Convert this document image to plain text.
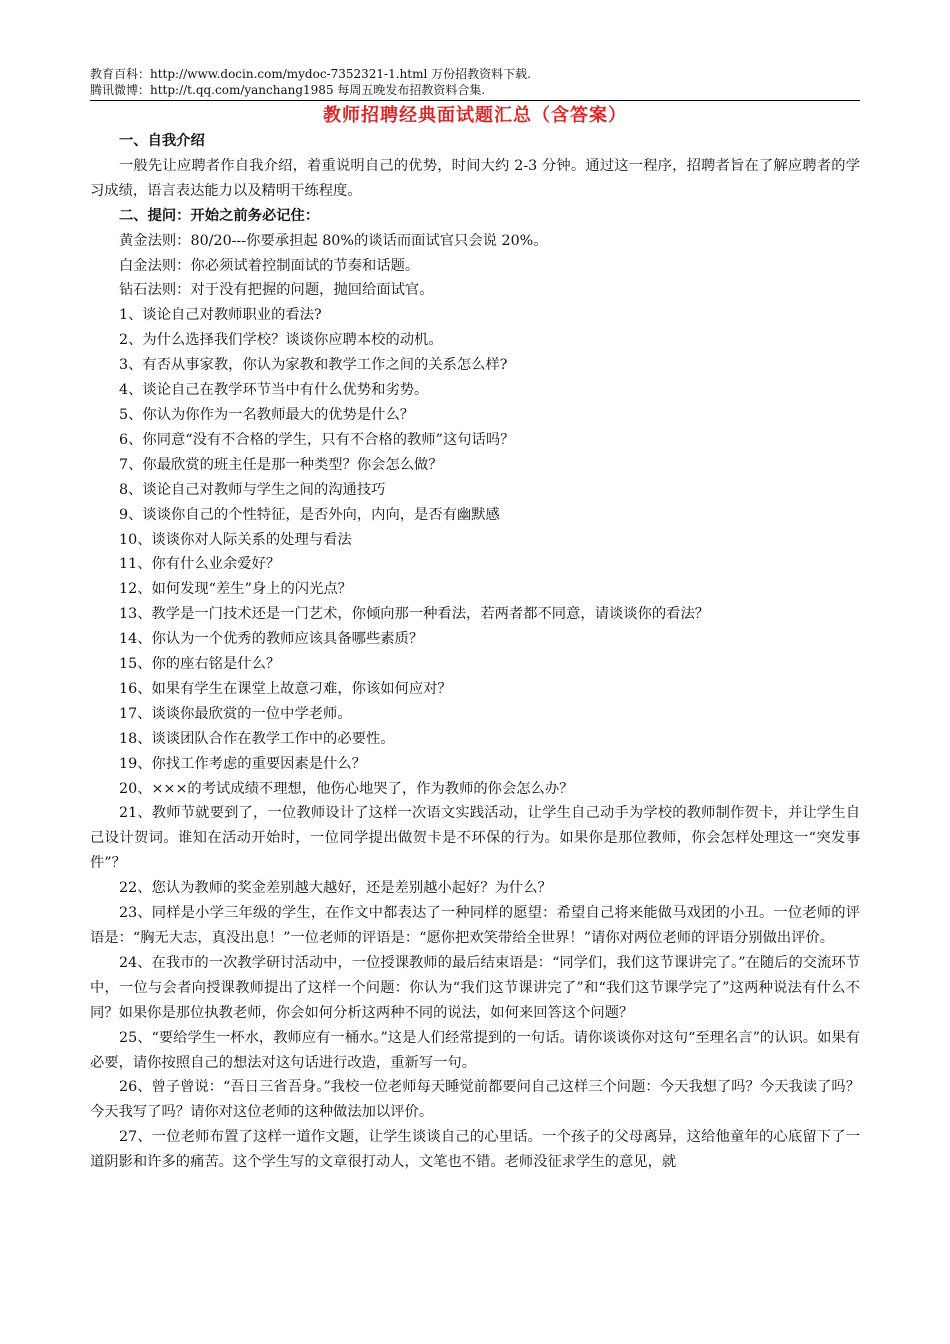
教育百科：http://www.docin.com/mydoc-7352321-1.html 万份招教资料下载.
腾讯微博：http://t.qq.com/yanchang1985 每周五晚发布招教资料合集.
教师招聘经典面试题汇总（含答案）
一、自我介绍
一般先让应聘者作自我介绍，着重说明自己的优势，时间大约 2-3 分钟。通过这一程序，招聘者旨在了解应聘者的学习成绩，语言表达能力以及精明干练程度。
二、提问：开始之前务必记住：
黄金法则：80/20---你要承担起 80%的谈话而面试官只会说 20%。
白金法则：你必须试着控制面试的节奏和话题。
钻石法则：对于没有把握的问题，抛回给面试官。
1、谈论自己对教师职业的看法?
2、为什么选择我们学校？谈谈你应聘本校的动机。
3、有否从事家教，你认为家教和教学工作之间的关系怎么样?
4、谈论自己在教学环节当中有什么优势和劣势。
5、你认为你作为一名教师最大的优势是什么？
6、你同意“没有不合格的学生，只有不合格的教师”这句话吗？
7、你最欣赏的班主任是那一种类型？你会怎么做？
8、谈论自己对教师与学生之间的沟通技巧
9、谈谈你自己的个性特征，是否外向，内向，是否有幽默感
10、谈谈你对人际关系的处理与看法
11、你有什么业余爱好？
12、如何发现“差生”身上的闪光点？
13、教学是一门技术还是一门艺术，你倾向那一种看法，若两者都不同意，请谈谈你的看法？
14、你认为一个优秀的教师应该具备哪些素质？
15、你的座右铭是什么？
16、如果有学生在课堂上故意刁难，你该如何应对？
17、谈谈你最欣赏的一位中学老师。
18、谈谈团队合作在教学工作中的必要性。
19、你找工作考虑的重要因素是什么？
20、×××的考试成绩不理想，他伤心地哭了，作为教师的你会怎么办？
21、教师节就要到了，一位教师设计了这样一次语文实践活动，让学生自己动手为学校的教师制作贺卡，并让学生自己设计贺词。谁知在活动开始时，一位同学提出做贺卡是不环保的行为。如果你是那位教师，你会怎样处理这一“突发事件”？
22、您认为教师的奖金差别越大越好，还是差别越小起好？为什么？
23、同样是小学三年级的学生，在作文中都表达了一种同样的愿望：希望自己将来能做马戏团的小丑。一位老师的评语是：“胸无大志，真没出息！”一位老师的评语是：“愿你把欢笑带给全世界！”请你对两位老师的评语分别做出评价。
24、在我市的一次教学研讨活动中，一位授课教师的最后结束语是：“同学们，我们这节课讲完了。”在随后的交流环节中，一位与会者向授课教师提出了这样一个问题：你认为“我们这节课讲完了”和“我们这节课学完了”这两种说法有什么不同？如果你是那位执教老师，你会如何分析这两种不同的说法，如何来回答这个问题？
25、“要给学生一杯水，教师应有一桶水。”这是人们经常提到的一句话。请你谈谈你对这句“至理名言”的认识。如果有必要，请你按照自己的想法对这句话进行改造，重新写一句。
26、曾子曾说：“吾日三省吾身。”我校一位老师每天睡觉前都要问自己这样三个问题：今天我想了吗？今天我读了吗？今天我写了吗？请你对这位老师的这种做法加以评价。
27、一位老师布置了这样一道作文题，让学生谈谈自己的心里话。一个孩子的父母离异，这给他童年的心底留下了一道阴影和许多的痛苦。这个学生写的文章很打动人，文笔也不错。老师没征求学生的意见，就
